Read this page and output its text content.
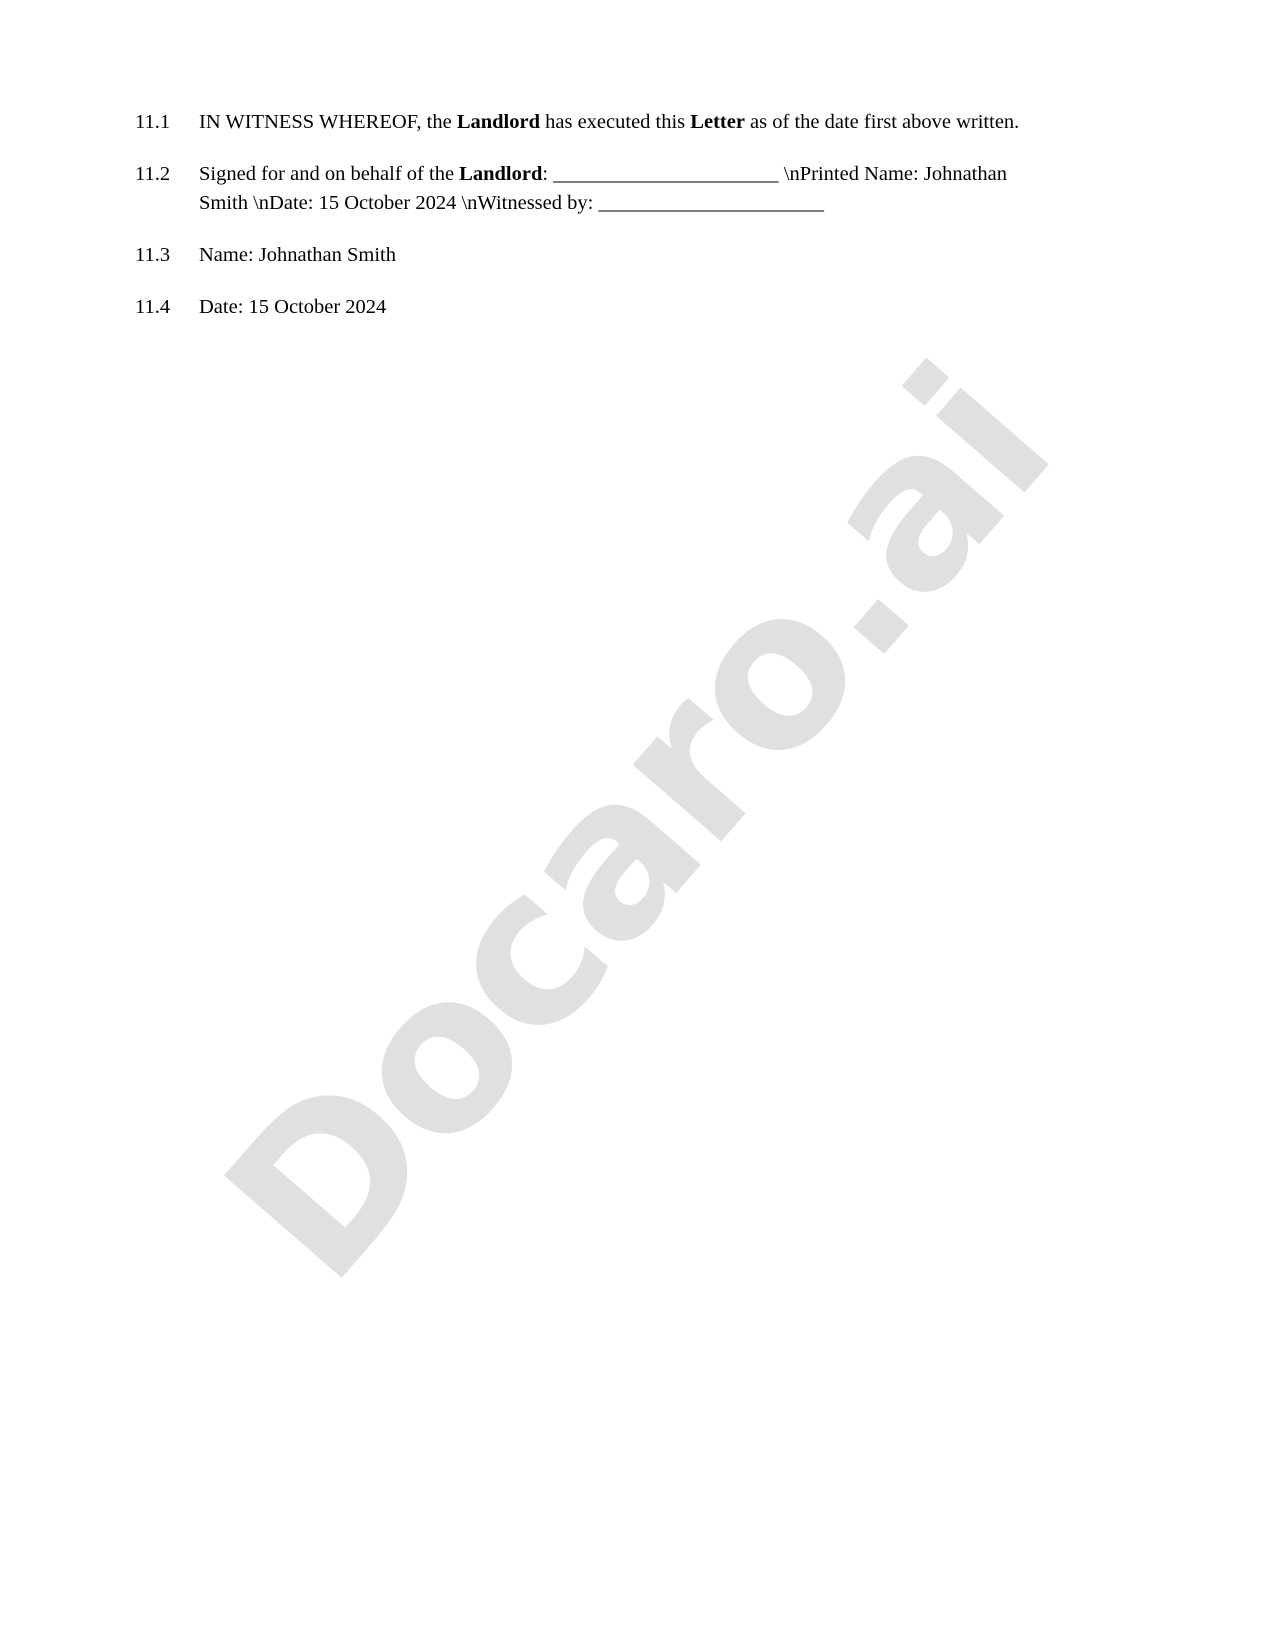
Docaro.ai
11.1	IN WITNESS WHEREOF, the Landlord has executed this Letter as of the date first above written.
11.2	Signed for and on behalf of the Landlord: ______________________ \nPrinted Name: Johnathan Smith \nDate: 15 October 2024 \nWitnessed by: ______________________
11.3	Name: Johnathan Smith
11.4	Date: 15 October 2024
